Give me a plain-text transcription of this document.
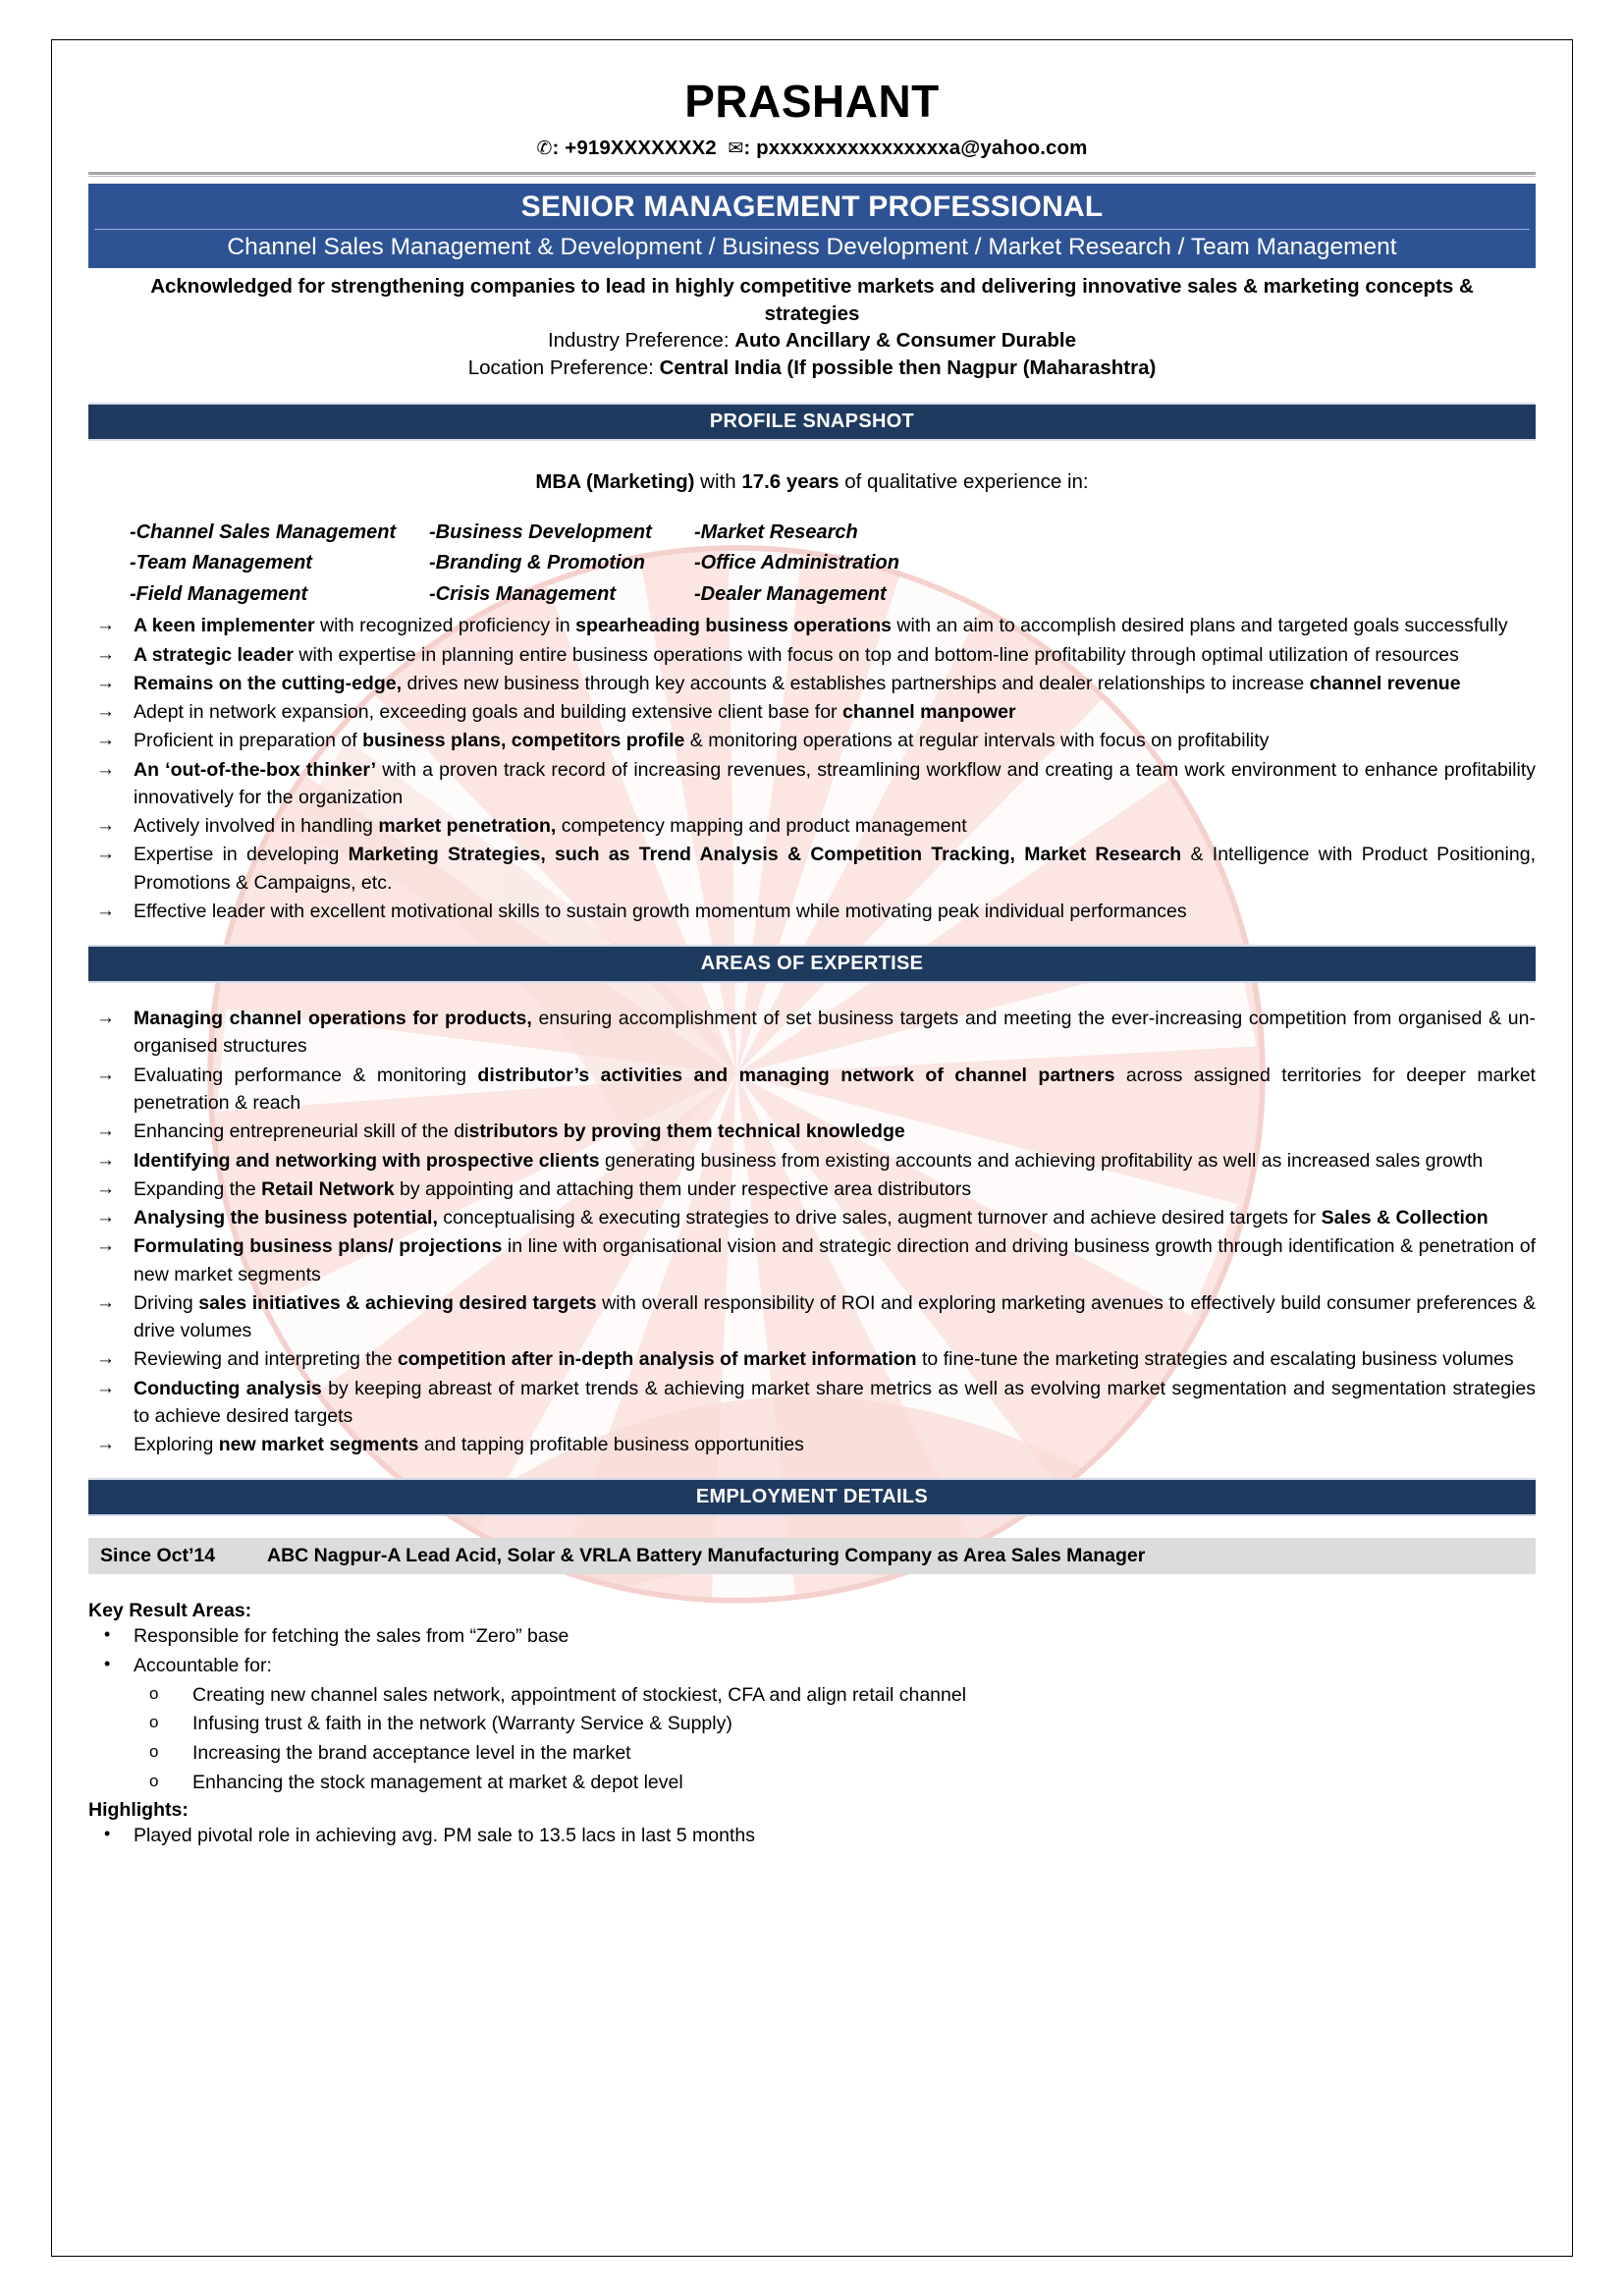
PRASHANT
✆: +919XXXXXXX2 ✉: pxxxxxxxxxxxxxxxxa@yahoo.com
SENIOR MANAGEMENT PROFESSIONAL
Channel Sales Management & Development / Business Development / Market Research / Team Management
Acknowledged for strengthening companies to lead in highly competitive markets and delivering innovative sales & marketing concepts & strategies
Industry Preference: Auto Ancillary & Consumer Durable
Location Preference: Central India (If possible then Nagpur (Maharashtra)
PROFILE SNAPSHOT
MBA (Marketing) with 17.6 years of qualitative experience in:
-Channel Sales Management	-Business Development	-Market Research
-Team Management	-Branding & Promotion	-Office Administration
-Field Management	-Crisis Management	-Dealer Management
→ A keen implementer with recognized proficiency in spearheading business operations with an aim to accomplish desired plans and targeted goals successfully
→ A strategic leader with expertise in planning entire business operations with focus on top and bottom-line profitability through optimal utilization of resources
→ Remains on the cutting-edge, drives new business through key accounts & establishes partnerships and dealer relationships to increase channel revenue
→ Adept in network expansion, exceeding goals and building extensive client base for channel manpower
→ Proficient in preparation of business plans, competitors profile & monitoring operations at regular intervals with focus on profitability
→ An ‘out-of-the-box thinker’ with a proven track record of increasing revenues, streamlining workflow and creating a team work environment to enhance profitability innovatively for the organization
→ Actively involved in handling market penetration, competency mapping and product management
→ Expertise in developing Marketing Strategies, such as Trend Analysis & Competition Tracking, Market Research & Intelligence with Product Positioning, Promotions & Campaigns, etc.
→ Effective leader with excellent motivational skills to sustain growth momentum while motivating peak individual performances
AREAS OF EXPERTISE
→ Managing channel operations for products, ensuring accomplishment of set business targets and meeting the ever-increasing competition from organised & un-organised structures
→ Evaluating performance & monitoring distributor’s activities and managing network of channel partners across assigned territories for deeper market penetration & reach
→ Enhancing entrepreneurial skill of the distributors by proving them technical knowledge
→ Identifying and networking with prospective clients generating business from existing accounts and achieving profitability as well as increased sales growth
→ Expanding the Retail Network by appointing and attaching them under respective area distributors
→ Analysing the business potential, conceptualising & executing strategies to drive sales, augment turnover and achieve desired targets for Sales & Collection
→ Formulating business plans/ projections in line with organisational vision and strategic direction and driving business growth through identification & penetration of new market segments
→ Driving sales initiatives & achieving desired targets with overall responsibility of ROI and exploring marketing avenues to effectively build consumer preferences & drive volumes
→ Reviewing and interpreting the competition after in-depth analysis of market information to fine-tune the marketing strategies and escalating business volumes
→ Conducting analysis by keeping abreast of market trends & achieving market share metrics as well as evolving market segmentation and segmentation strategies to achieve desired targets
→ Exploring new market segments and tapping profitable business opportunities
EMPLOYMENT DETAILS
Since Oct’14	ABC Nagpur-A Lead Acid, Solar & VRLA Battery Manufacturing Company as Area Sales Manager
Key Result Areas:
• Responsible for fetching the sales from “Zero” base
• Accountable for:
o Creating new channel sales network, appointment of stockiest, CFA and align retail channel
o Infusing trust & faith in the network (Warranty Service & Supply)
o Increasing the brand acceptance level in the market
o Enhancing the stock management at market & depot level
Highlights:
• Played pivotal role in achieving avg. PM sale to 13.5 lacs in last 5 months
